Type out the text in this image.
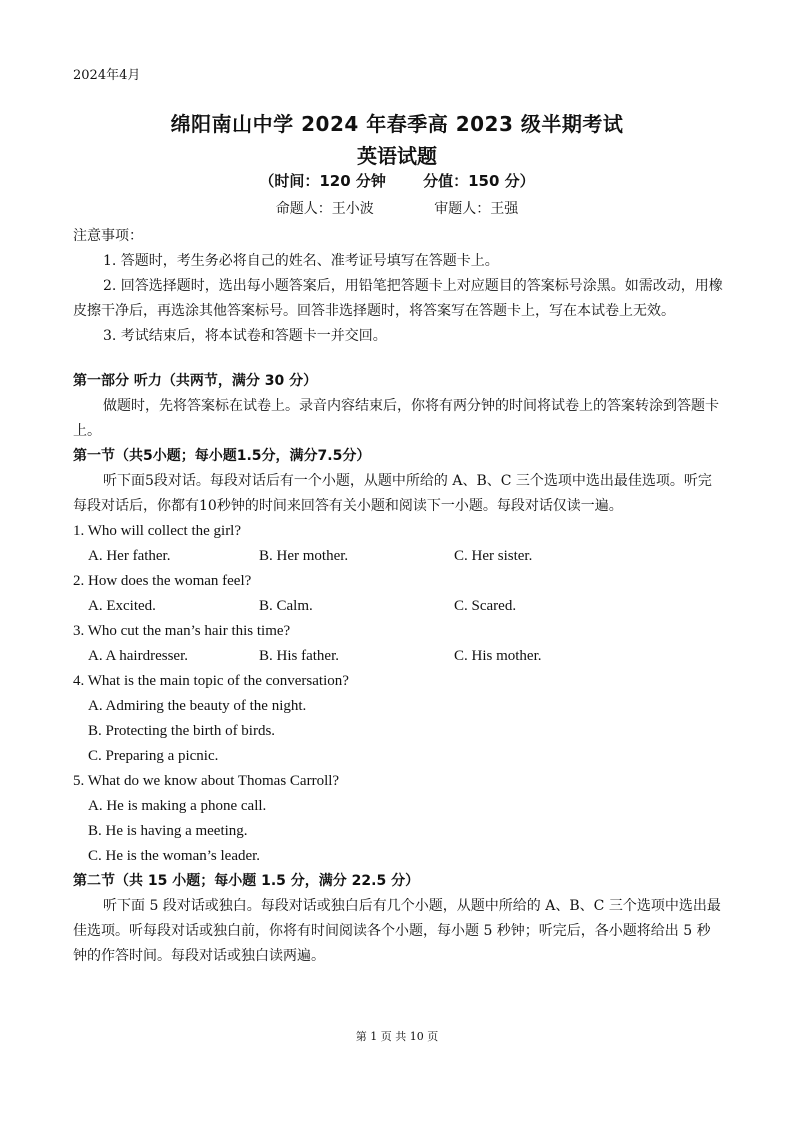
2024年4月
绵阳南山中学 2024 年春季高 2023 级半期考试
英语试题
（时间：120 分钟 分值：150 分）
命题人：王小波	审题人：王强

注意事项：

1. 答题时，考生务必将自己的姓名、准考证号填写在答题卡上。

2. 回答选择题时，选出每小题答案后，用铅笔把答题卡上对应题目的答案标号涂黑。如需改动，用橡皮擦干净后，再选涂其他答案标号。回答非选择题时，将答案写在答题卡上，写在本试卷上无效。

3. 考试结束后，将本试卷和答题卡一并交回。

第一部分 听力（共两节，满分 30 分）

做题时，先将答案标在试卷上。录音内容结束后，你将有两分钟的时间将试卷上的答案转涂到答题卡上。

第一节（共5小题；每小题1.5分，满分7.5分）

听下面5段对话。每段对话后有一个小题，从题中所给的 A、B、C 三个选项中选出最佳选项。听完每段对话后，你都有10秒钟的时间来回答有关小题和阅读下一小题。每段对话仅读一遍。

1. Who will collect the girl?

A. Her father.	B. Her mother.	C. Her sister.

2. How does the woman feel?

A. Excited.	B. Calm.	C. Scared.

3. Who cut the man’s hair this time?

A. A hairdresser.	B. His father.	C. His mother.

4. What is the main topic of the conversation?

A. Admiring the beauty of the night.

B. Protecting the birth of birds.

C. Preparing a picnic.

5. What do we know about Thomas Carroll?

A. He is making a phone call.

B. He is having a meeting.

C. He is the woman’s leader.

第二节（共 15 小题；每小题 1.5 分，满分 22.5 分）

听下面 5 段对话或独白。每段对话或独白后有几个小题，从题中所给的 A、B、C 三个选项中选出最佳选项。听每段对话或独白前，你将有时间阅读各个小题，每小题 5 秒钟；听完后，各小题将给出 5 秒钟的作答时间。每段对话或独白读两遍。

第 1 页 共 10 页
